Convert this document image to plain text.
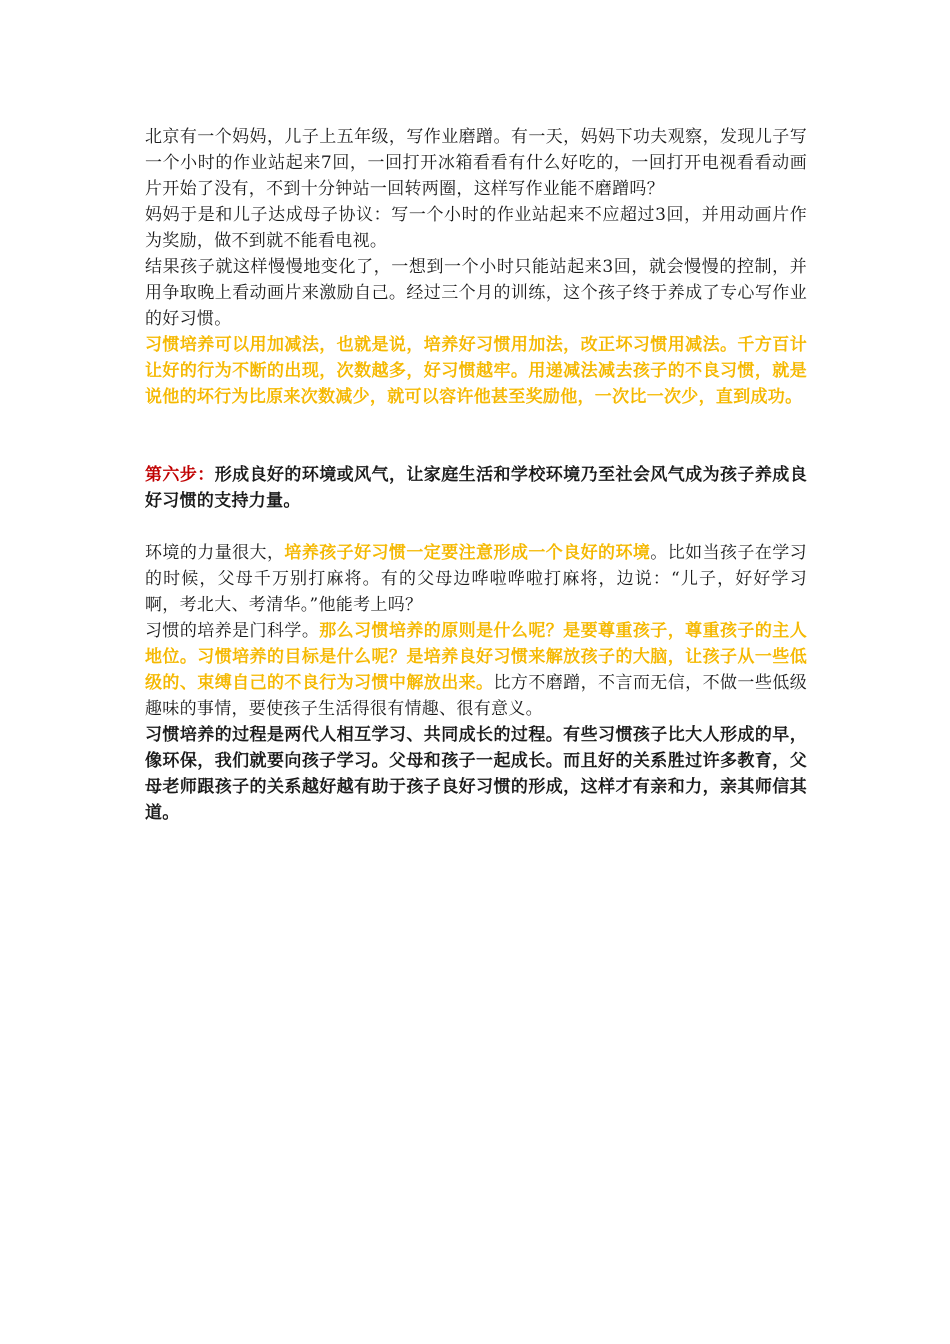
北京有一个妈妈，儿子上五年级，写作业磨蹭。有一天，妈妈下功夫观察，发现儿子写一个小时的作业站起来7回，一回打开冰箱看看有什么好吃的，一回打开电视看看动画片开始了没有，不到十分钟站一回转两圈，这样写作业能不磨蹭吗？

妈妈于是和儿子达成母子协议：写一个小时的作业站起来不应超过3回，并用动画片作为奖励，做不到就不能看电视。

结果孩子就这样慢慢地变化了，一想到一个小时只能站起来3回，就会慢慢的控制，并用争取晚上看动画片来激励自己。经过三个月的训练，这个孩子终于养成了专心写作业的好习惯。

习惯培养可以用加减法，也就是说，培养好习惯用加法，改正坏习惯用减法。千方百计让好的行为不断的出现，次数越多，好习惯越牢。用递减法减去孩子的不良习惯，就是说他的坏行为比原来次数减少，就可以容许他甚至奖励他，一次比一次少，直到成功。

第六步：形成良好的环境或风气，让家庭生活和学校环境乃至社会风气成为孩子养成良好习惯的支持力量。

环境的力量很大，培养孩子好习惯一定要注意形成一个良好的环境。比如当孩子在学习的时候，父母千万别打麻将。有的父母边哗啦哗啦打麻将，边说：“儿子，好好学习啊，考北大、考清华。”他能考上吗？

习惯的培养是门科学。那么习惯培养的原则是什么呢？是要尊重孩子，尊重孩子的主人地位。习惯培养的目标是什么呢？是培养良好习惯来解放孩子的大脑，让孩子从一些低级的、束缚自己的不良行为习惯中解放出来。比方不磨蹭，不言而无信，不做一些低级趣味的事情，要使孩子生活得很有情趣、很有意义。

习惯培养的过程是两代人相互学习、共同成长的过程。有些习惯孩子比大人形成的早，像环保，我们就要向孩子学习。父母和孩子一起成长。而且好的关系胜过许多教育，父母老师跟孩子的关系越好越有助于孩子良好习惯的形成，这样才有亲和力，亲其师信其道。
